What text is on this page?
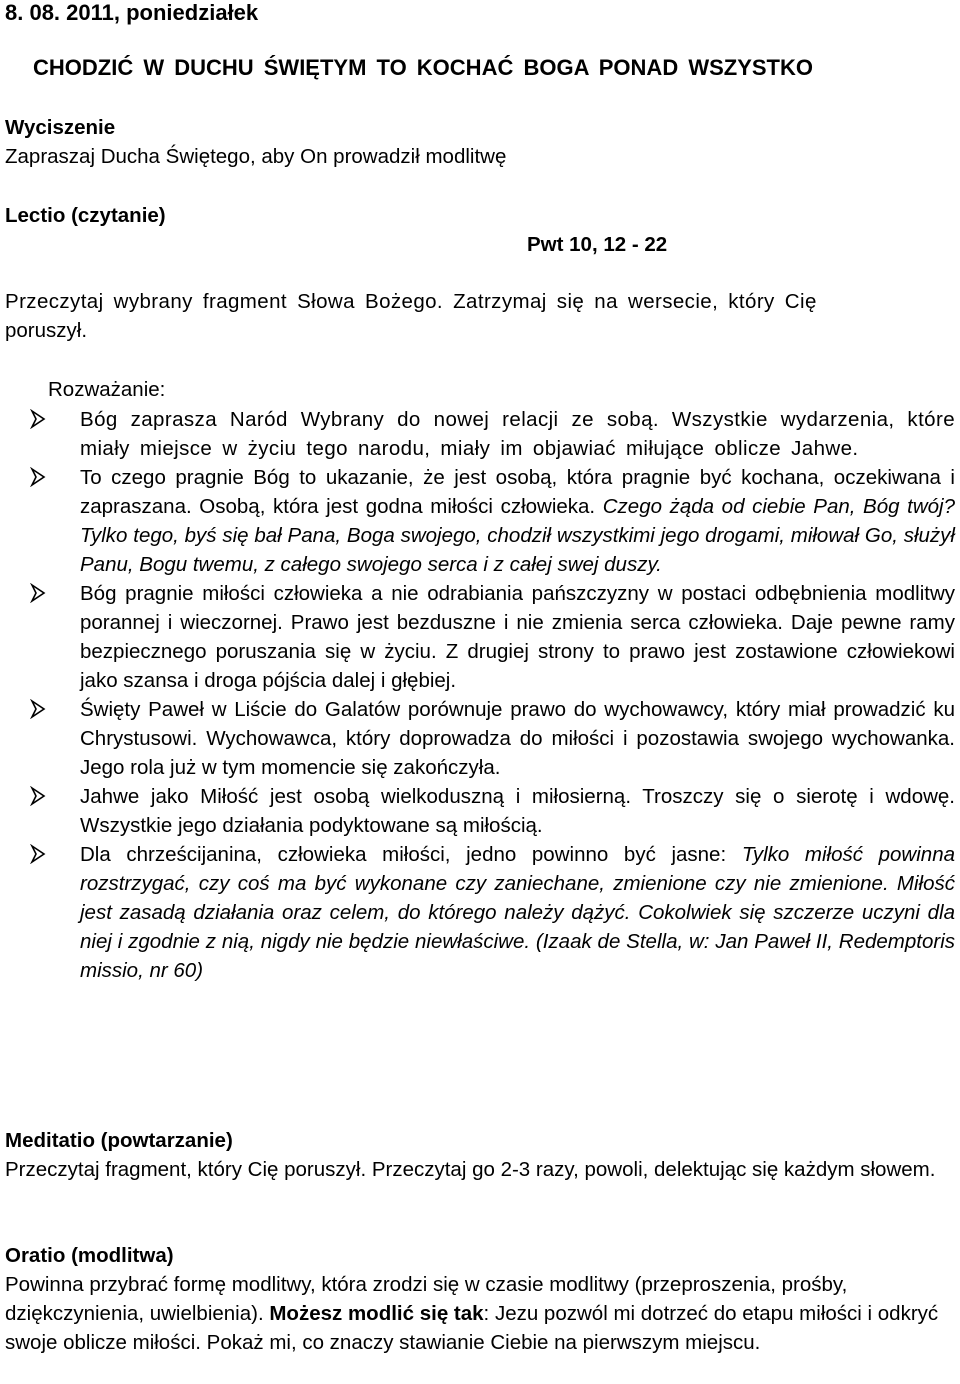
8. 08. 2011, poniedziałek
CHODZIĆ W DUCHU ŚWIĘTYM TO KOCHAĆ BOGA PONAD WSZYSTKO
Wyciszenie
Zapraszaj Ducha Świętego, aby On prowadził modlitwę
Lectio (czytanie)
Pwt 10, 12 - 22
Przeczytaj wybrany fragment Słowa Bożego. Zatrzymaj się na wersecie, który Cię
poruszył.
Rozważanie:
Bóg zaprasza Naród Wybrany do nowej relacji ze sobą. Wszystkie wydarzenia, które miały miejsce w życiu tego narodu, miały im objawiać miłujące oblicze Jahwe.
To czego pragnie Bóg to ukazanie, że jest osobą, która pragnie być kochana, oczekiwana i zapraszana. Osobą, która jest godna miłości człowieka. Czego żąda od ciebie Pan, Bóg twój? Tylko tego, byś się bał Pana, Boga swojego, chodził wszystkimi jego drogami, miłował Go, służył Panu, Bogu twemu, z całego swojego serca i z całej swej duszy.
Bóg pragnie miłości człowieka a nie odrabiania pańszczyzny w postaci odbębnienia modlitwy porannej i wieczornej. Prawo jest bezduszne i nie zmienia serca człowieka. Daje pewne ramy bezpiecznego poruszania się w życiu. Z drugiej strony to prawo jest zostawione człowiekowi jako szansa i droga pójścia dalej i głębiej.
Święty Paweł w Liście do Galatów porównuje prawo do wychowawcy, który miał prowadzić ku Chrystusowi. Wychowawca, który doprowadza do miłości i pozostawia swojego wychowanka. Jego rola już w tym momencie się zakończyła.
Jahwe jako Miłość jest osobą wielkoduszną i miłosierną. Troszczy się o sierotę i wdowę. Wszystkie jego działania podyktowane są miłością.
Dla chrześcijanina, człowieka miłości, jedno powinno być jasne: Tylko miłość powinna rozstrzygać, czy coś ma być wykonane czy zaniechane, zmienione czy nie zmienione. Miłość jest zasadą działania oraz celem, do którego należy dążyć. Cokolwiek się szczerze uczyni dla niej i zgodnie z nią, nigdy nie będzie niewłaściwe. (Izaak de Stella, w: Jan Paweł II, Redemptoris missio, nr 60)
Meditatio (powtarzanie)
Przeczytaj fragment, który Cię poruszył. Przeczytaj go 2-3 razy, powoli, delektując się każdym słowem.
Oratio (modlitwa)
Powinna przybrać formę modlitwy, która zrodzi się w czasie modlitwy (przeproszenia, prośby, dziękczynienia, uwielbienia). Możesz modlić się tak: Jezu pozwól mi dotrzeć do etapu miłości i odkryć swoje oblicze miłości. Pokaż mi, co znaczy stawianie Ciebie na pierwszym miejscu.
